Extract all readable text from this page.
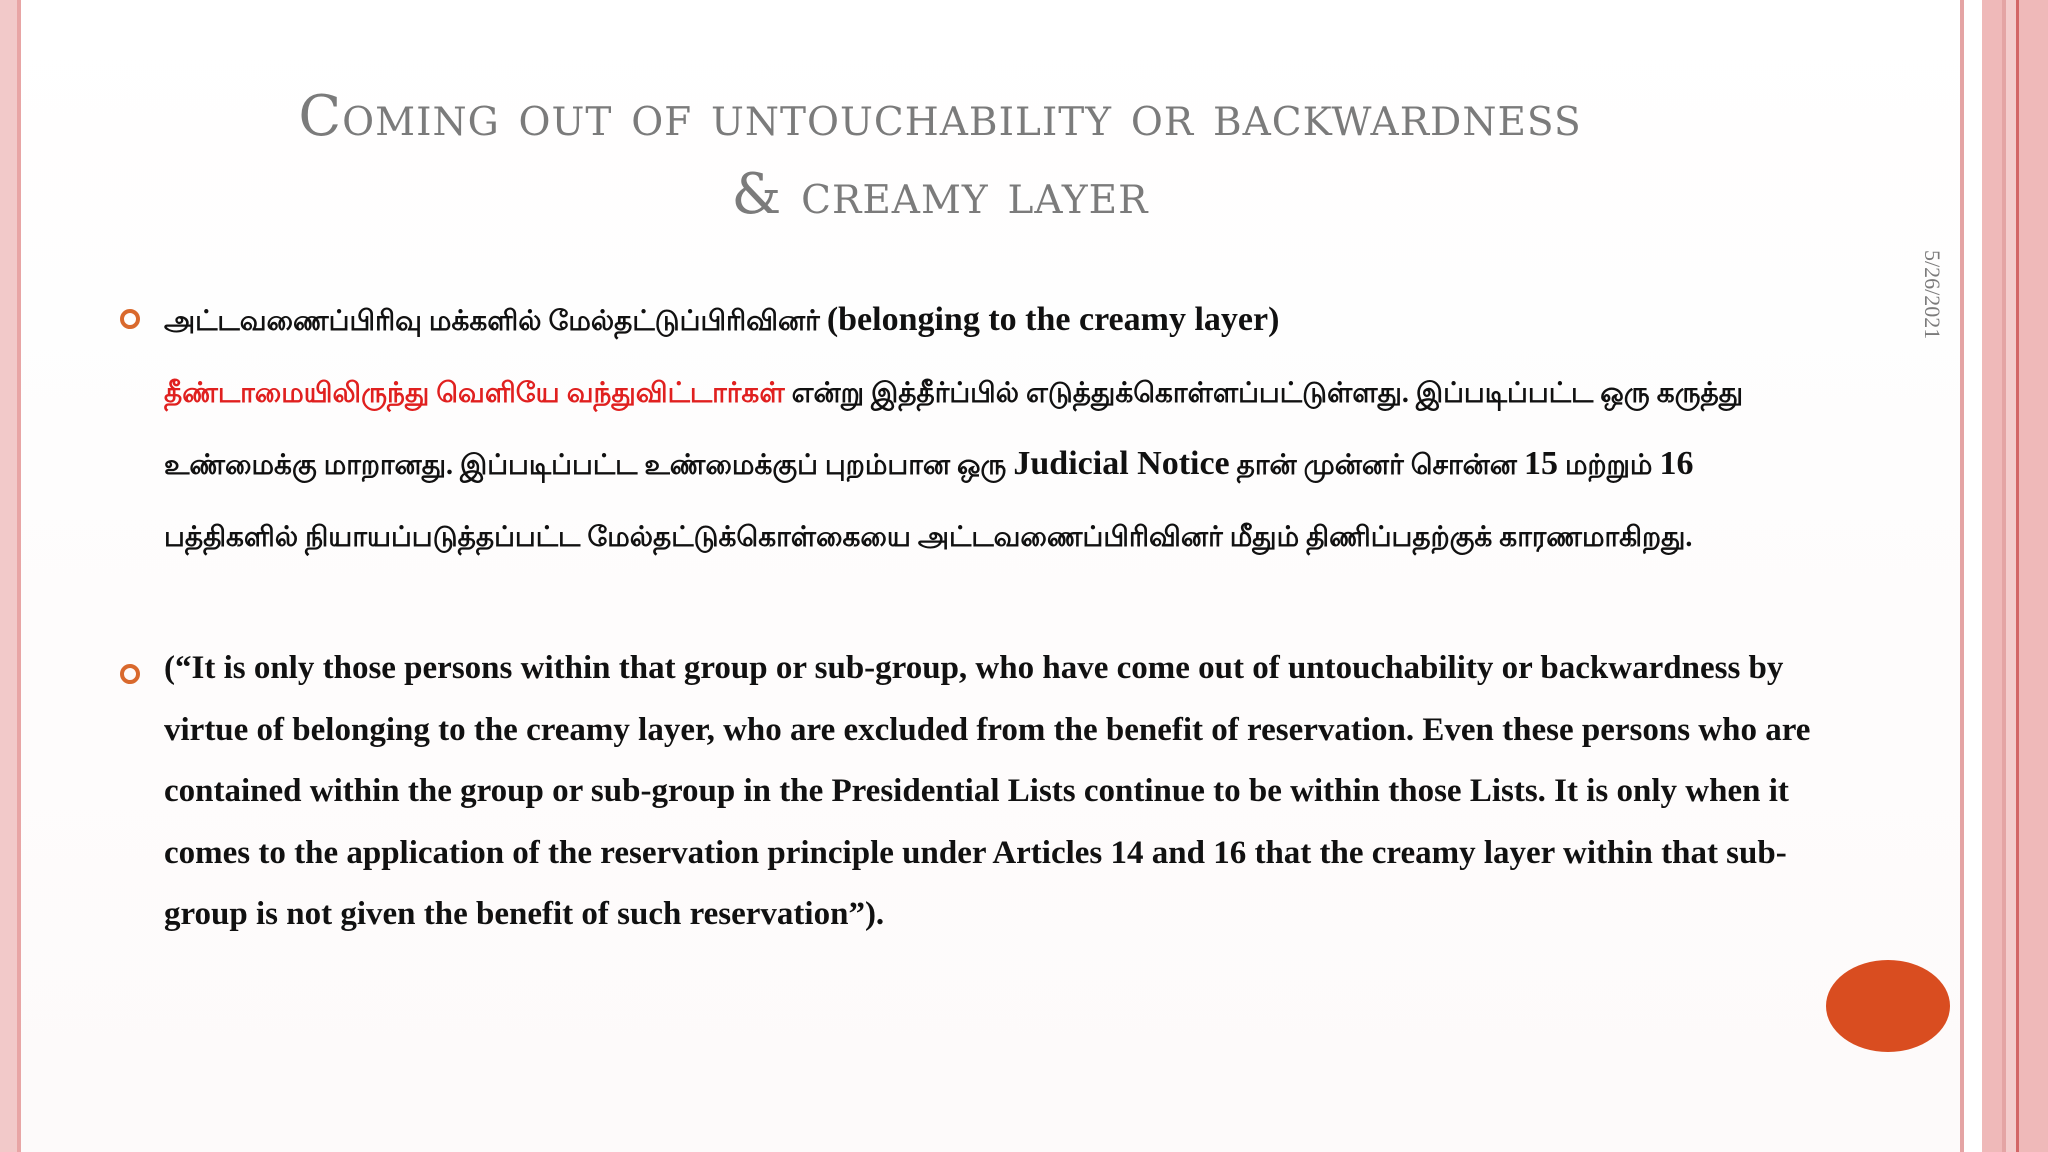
Coming out of untouchability or backwardness
& creamy layer
5/26/2021
அட்டவணைப்பிரிவு மக்களில் மேல்தட்டுப்பிரிவினர் (belonging to the creamy layer)
தீண்டாமையிலிருந்து வெளியே வந்துவிட்டார்கள் என்று இத்தீர்ப்பில் எடுத்துக்கொள்ளப்பட்டுள்ளது. இப்படிப்பட்ட ஒரு கருத்து உண்மைக்கு மாறானது. இப்படிப்பட்ட உண்மைக்குப் புறம்பான ஒரு Judicial Notice தான் முன்னர் சொன்ன 15 மற்றும் 16 பத்திகளில் நியாயப்படுத்தப்பட்ட மேல்தட்டுக்கொள்கையை அட்டவணைப்பிரிவினர் மீதும் திணிப்பதற்குக் காரணமாகிறது.
(“It is only those persons within that group or sub-group, who have come out of untouchability or backwardness by virtue of belonging to the creamy layer, who are excluded from the benefit of reservation. Even these persons who are contained within the group or sub-group in the Presidential Lists continue to be within those Lists. It is only when it comes to the application of the reservation principle under Articles 14 and 16 that the creamy layer within that sub-group is not given the benefit of such reservation”).
